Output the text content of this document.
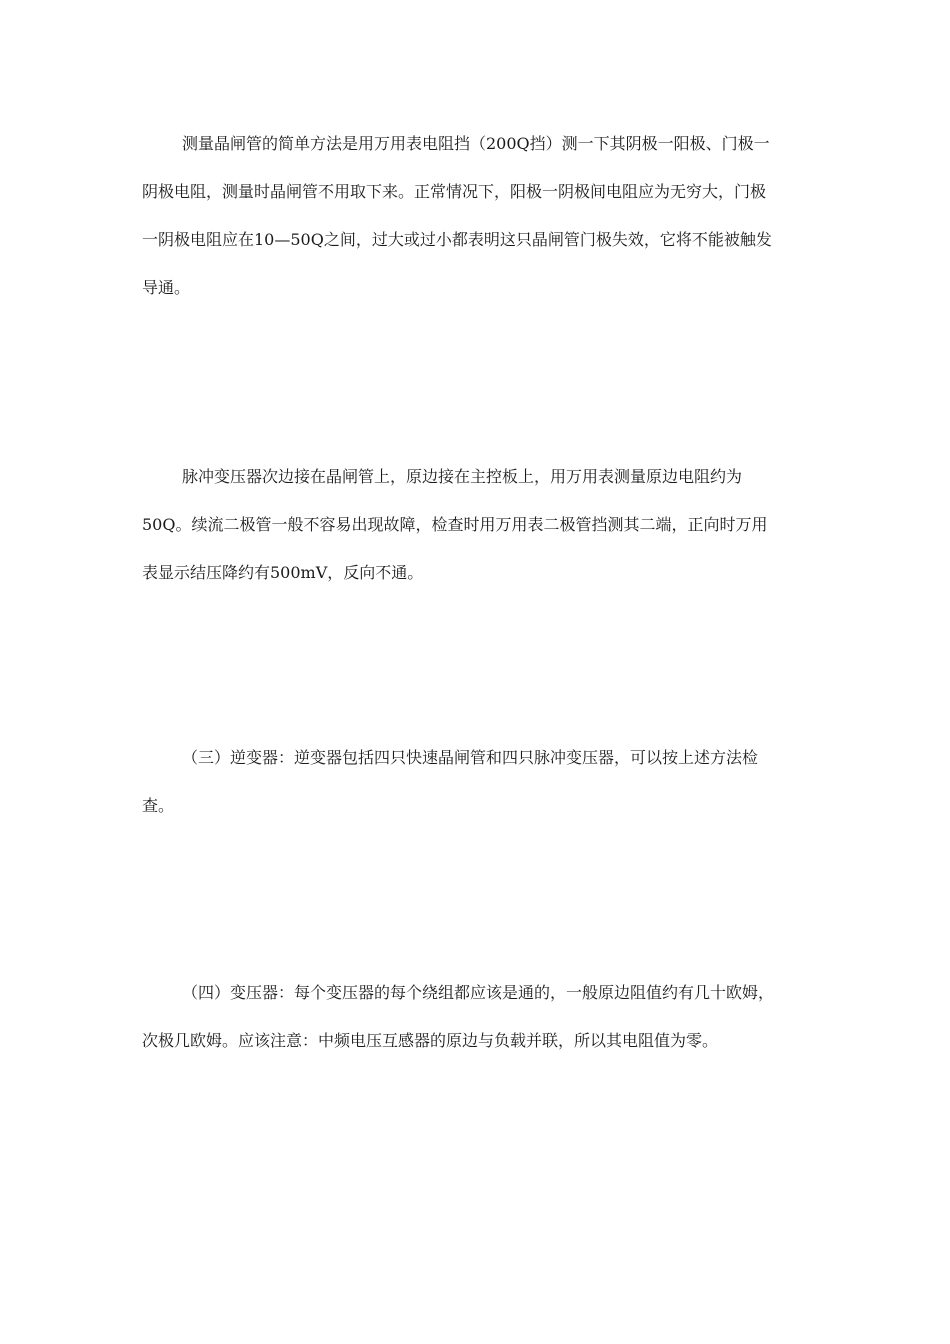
测量晶闸管的简单方法是用万用表电阻挡（200Q挡）测一下其阴极一阳极、门极一
阴极电阻，测量时晶闸管不用取下来。正常情况下，阳极一阴极间电阻应为无穷大，门极
一阴极电阻应在10—50Q之间，过大或过小都表明这只晶闸管门极失效，它将不能被触发
导通。
脉冲变压器次边接在晶闸管上，原边接在主控板上，用万用表测量原边电阻约为
50Q。续流二极管一般不容易出现故障，检查时用万用表二极管挡测其二端，正向时万用
表显示结压降约有500mV，反向不通。
（三）逆变器：逆变器包括四只快速晶闸管和四只脉冲变压器，可以按上述方法检
查。
（四）变压器：每个变压器的每个绕组都应该是通的，一般原边阻值约有几十欧姆，
次极几欧姆。应该注意：中频电压互感器的原边与负载并联，所以其电阻值为零。
